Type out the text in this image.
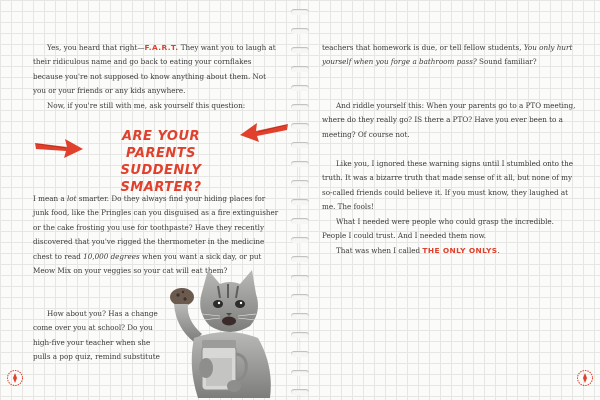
Yes, you heard that right—F.A.R.T. They want you to laugh at their ridiculous name and go back to eating your cornflakes because you're not supposed to know anything about them. Not you or your friends or any kids anywhere.

Now, if you're still with me, ask yourself this question:

ARE YOUR PARENTS SUDDENLY SMARTER?

I mean a lot smarter. Do they always find your hiding places for junk food, like the Pringles can you disguised as a fire extinguisher or the cake frosting you use for toothpaste? Have they recently discovered that you've rigged the thermometer in the medicine chest to read 10,000 degrees when you want a sick day, or put Meow Mix on your veggies so your cat will eat them?

How about you? Has a change come over you at school? Do you high-five your teacher when she pulls a pop quiz, remind substitute

teachers that homework is due, or tell fellow students, You only hurt yourself when you forge a bathroom pass? Sound familiar?

And riddle yourself this: When your parents go to a PTO meeting, where do they really go? IS there a PTO? Have you ever been to a meeting? Of course not.

Like you, I ignored these warning signs until I stumbled onto the truth. It was a bizarre truth that made sense of it all, but none of my so-called friends could believe it. If you must know, they laughed at me. The fools!

What I needed were people who could grasp the incredible. People I could trust. And I needed them now.

That was when I called THE ONLY ONLYS.
